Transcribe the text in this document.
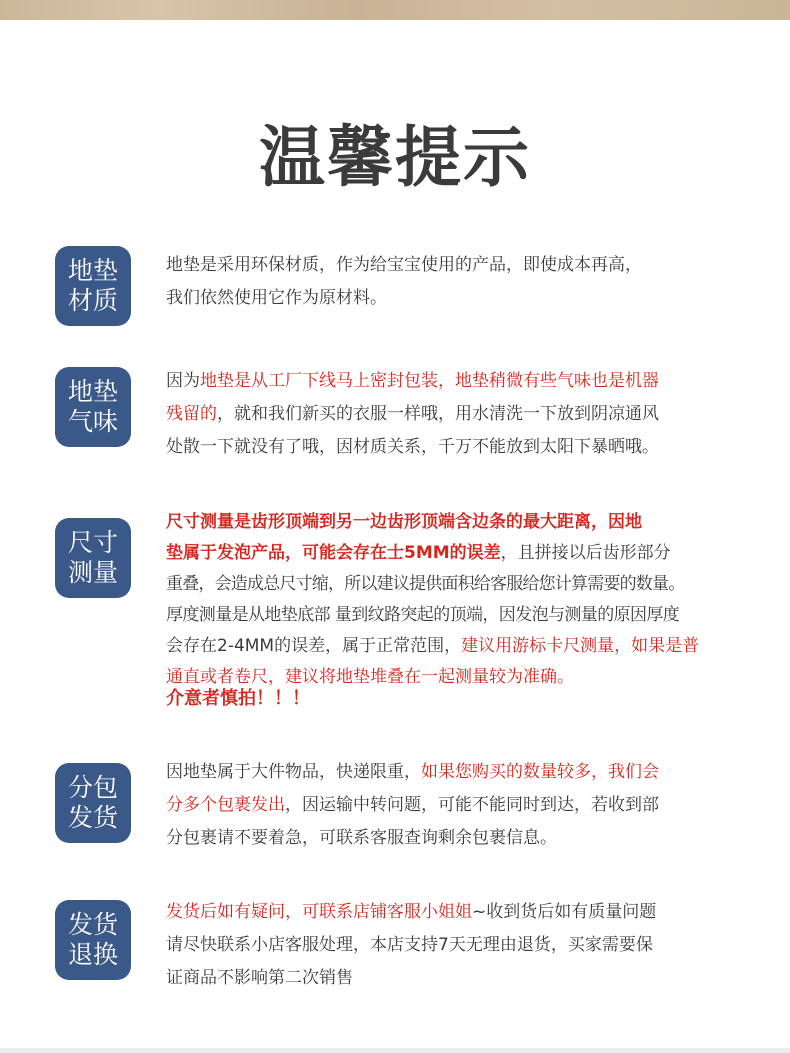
温馨提示
地垫
材质
地垫是采用环保材质，作为给宝宝使用的产品，即使成本再高，
我们依然使用它作为原材料。
地垫
气味
因为地垫是从工厂下线马上密封包装，地垫稍微有些气味也是机器
残留的，就和我们新买的衣服一样哦，用水清洗一下放到阴凉通风
处散一下就没有了哦，因材质关系，千万不能放到太阳下暴晒哦。
尺寸
测量
尺寸测量是齿形顶端到另一边齿形顶端含边条的最大距离，因地
垫属于发泡产品，可能会存在士5MM的误差，且拼接以后齿形部分
重叠，会造成总尺寸缩，所以建议提供面积给客服给您计算需要的数量。
厚度测量是从地垫底部 量到纹路突起的顶端，因发泡与测量的原因厚度
会存在2-4MM的误差，属于正常范围，建议用游标卡尺测量，如果是普
通直或者卷尺，建议将地垫堆叠在一起测量较为准确。
介意者慎拍！！！
分包
发货
因地垫属于大件物品，快递限重，如果您购买的数量较多，我们会
分多个包裹发出，因运输中转问题，可能不能同时到达，若收到部
分包裹请不要着急，可联系客服查询剩余包裹信息。
发货
退换
发货后如有疑问，可联系店铺客服小姐姐~收到货后如有质量问题
请尽快联系小店客服处理，本店支持7天无理由退货，买家需要保
证商品不影响第二次销售
